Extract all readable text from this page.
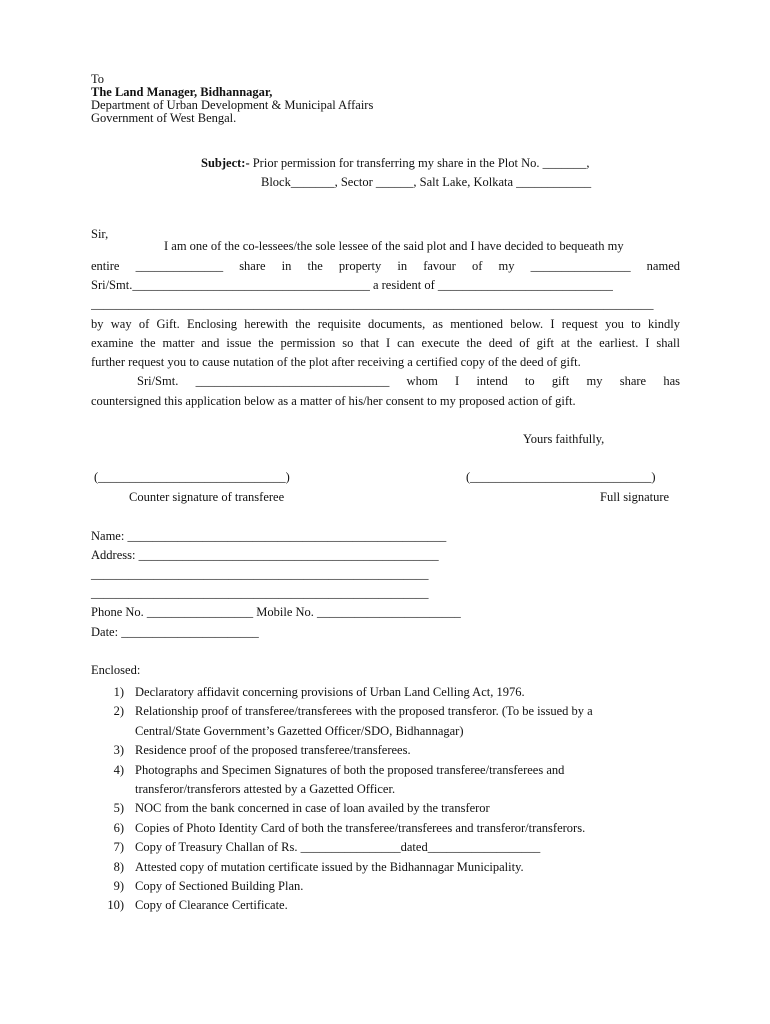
To
The Land Manager, Bidhannagar,
Department of Urban Development & Municipal Affairs
Government of West Bengal.
Subject:- Prior permission for transferring my share in the Plot No. _______,
Block_______, Sector ______, Salt Lake, Kolkata ____________
Sir,
I am one of the co-lessees/the sole lessee of the said plot and I have decided to bequeath my
entire ______________ share in the property in favour of my ________________ named
Sri/Smt.______________________________________ a resident of ____________________________
__________________________________________________________________________________________
by way of Gift. Enclosing herewith the requisite documents, as mentioned below. I request you to kindly
examine the matter and issue the permission so that I can execute the deed of gift at the earliest. I shall
further request you to cause nutation of the plot after receiving a certified copy of the deed of gift.
Sri/Smt. _______________________________ whom I intend to gift my share has
countersigned this application below as a matter of his/her consent to my proposed action of gift.
Yours faithfully,
(______________________________)	(_____________________________)
Counter signature of transferee	Full signature
Name: ___________________________________________________
Address: ________________________________________________
______________________________________________________
______________________________________________________
Phone No. _________________ Mobile No. _______________________
Date: ______________________
Enclosed:
1) Declaratory affidavit concerning provisions of Urban Land Celling Act, 1976.
2) Relationship proof of transferee/transferees with the proposed transferor. (To be issued by a
Central/State Government’s Gazetted Officer/SDO, Bidhannagar)
3) Residence proof of the proposed transferee/transferees.
4) Photographs and Specimen Signatures of both the proposed transferee/transferees and
transferor/transferors attested by a Gazetted Officer.
5) NOC from the bank concerned in case of loan availed by the transferor
6) Copies of Photo Identity Card of both the transferee/transferees and transferor/transferors.
7) Copy of Treasury Challan of Rs. ________________dated__________________
8) Attested copy of mutation certificate issued by the Bidhannagar Municipality.
9) Copy of Sectioned Building Plan.
10) Copy of Clearance Certificate.
